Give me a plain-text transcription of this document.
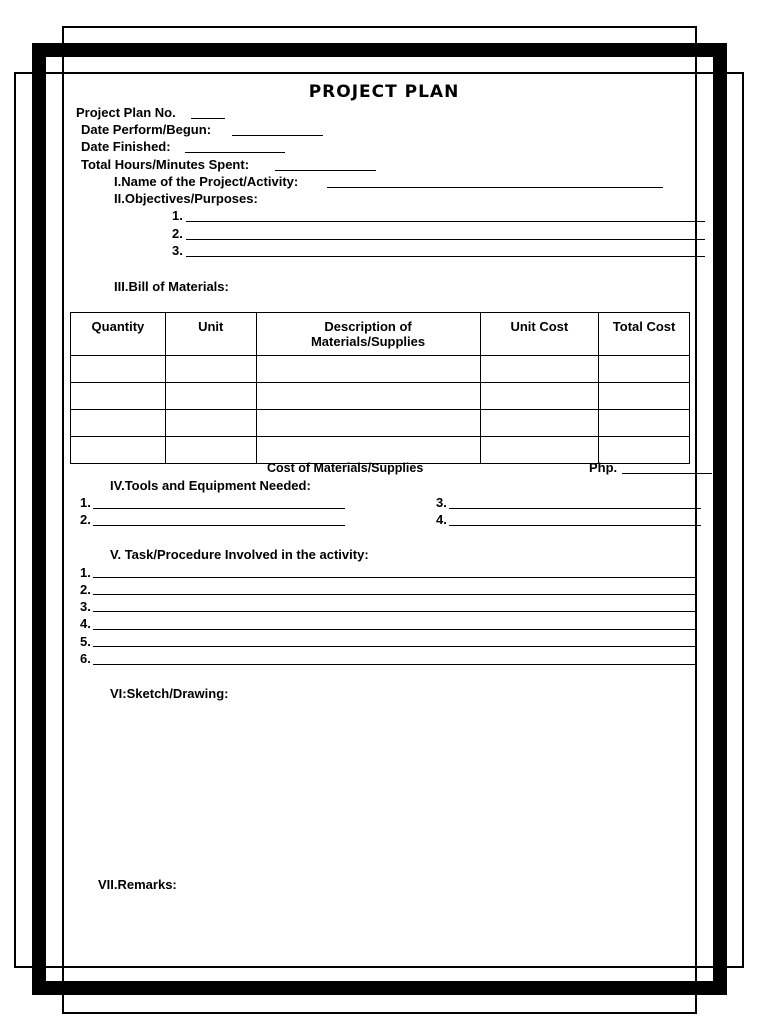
PROJECT PLAN
Project Plan No.
Date Perform/Begun:
Date Finished:
Total Hours/Minutes Spent:
I.Name of the Project/Activity:
II.Objectives/Purposes:
1.
2.
3.
III.Bill of Materials:
Quantity	Unit	Description of Materials/Supplies	Unit Cost	Total Cost

Cost of Materials/Supplies	Php.
IV.Tools and Equipment Needed:
1.
2.
3.
4.
V. Task/Procedure Involved in the activity:
1.
2.
3.
4.
5.
6.
VI:Sketch/Drawing:
VII.Remarks:
